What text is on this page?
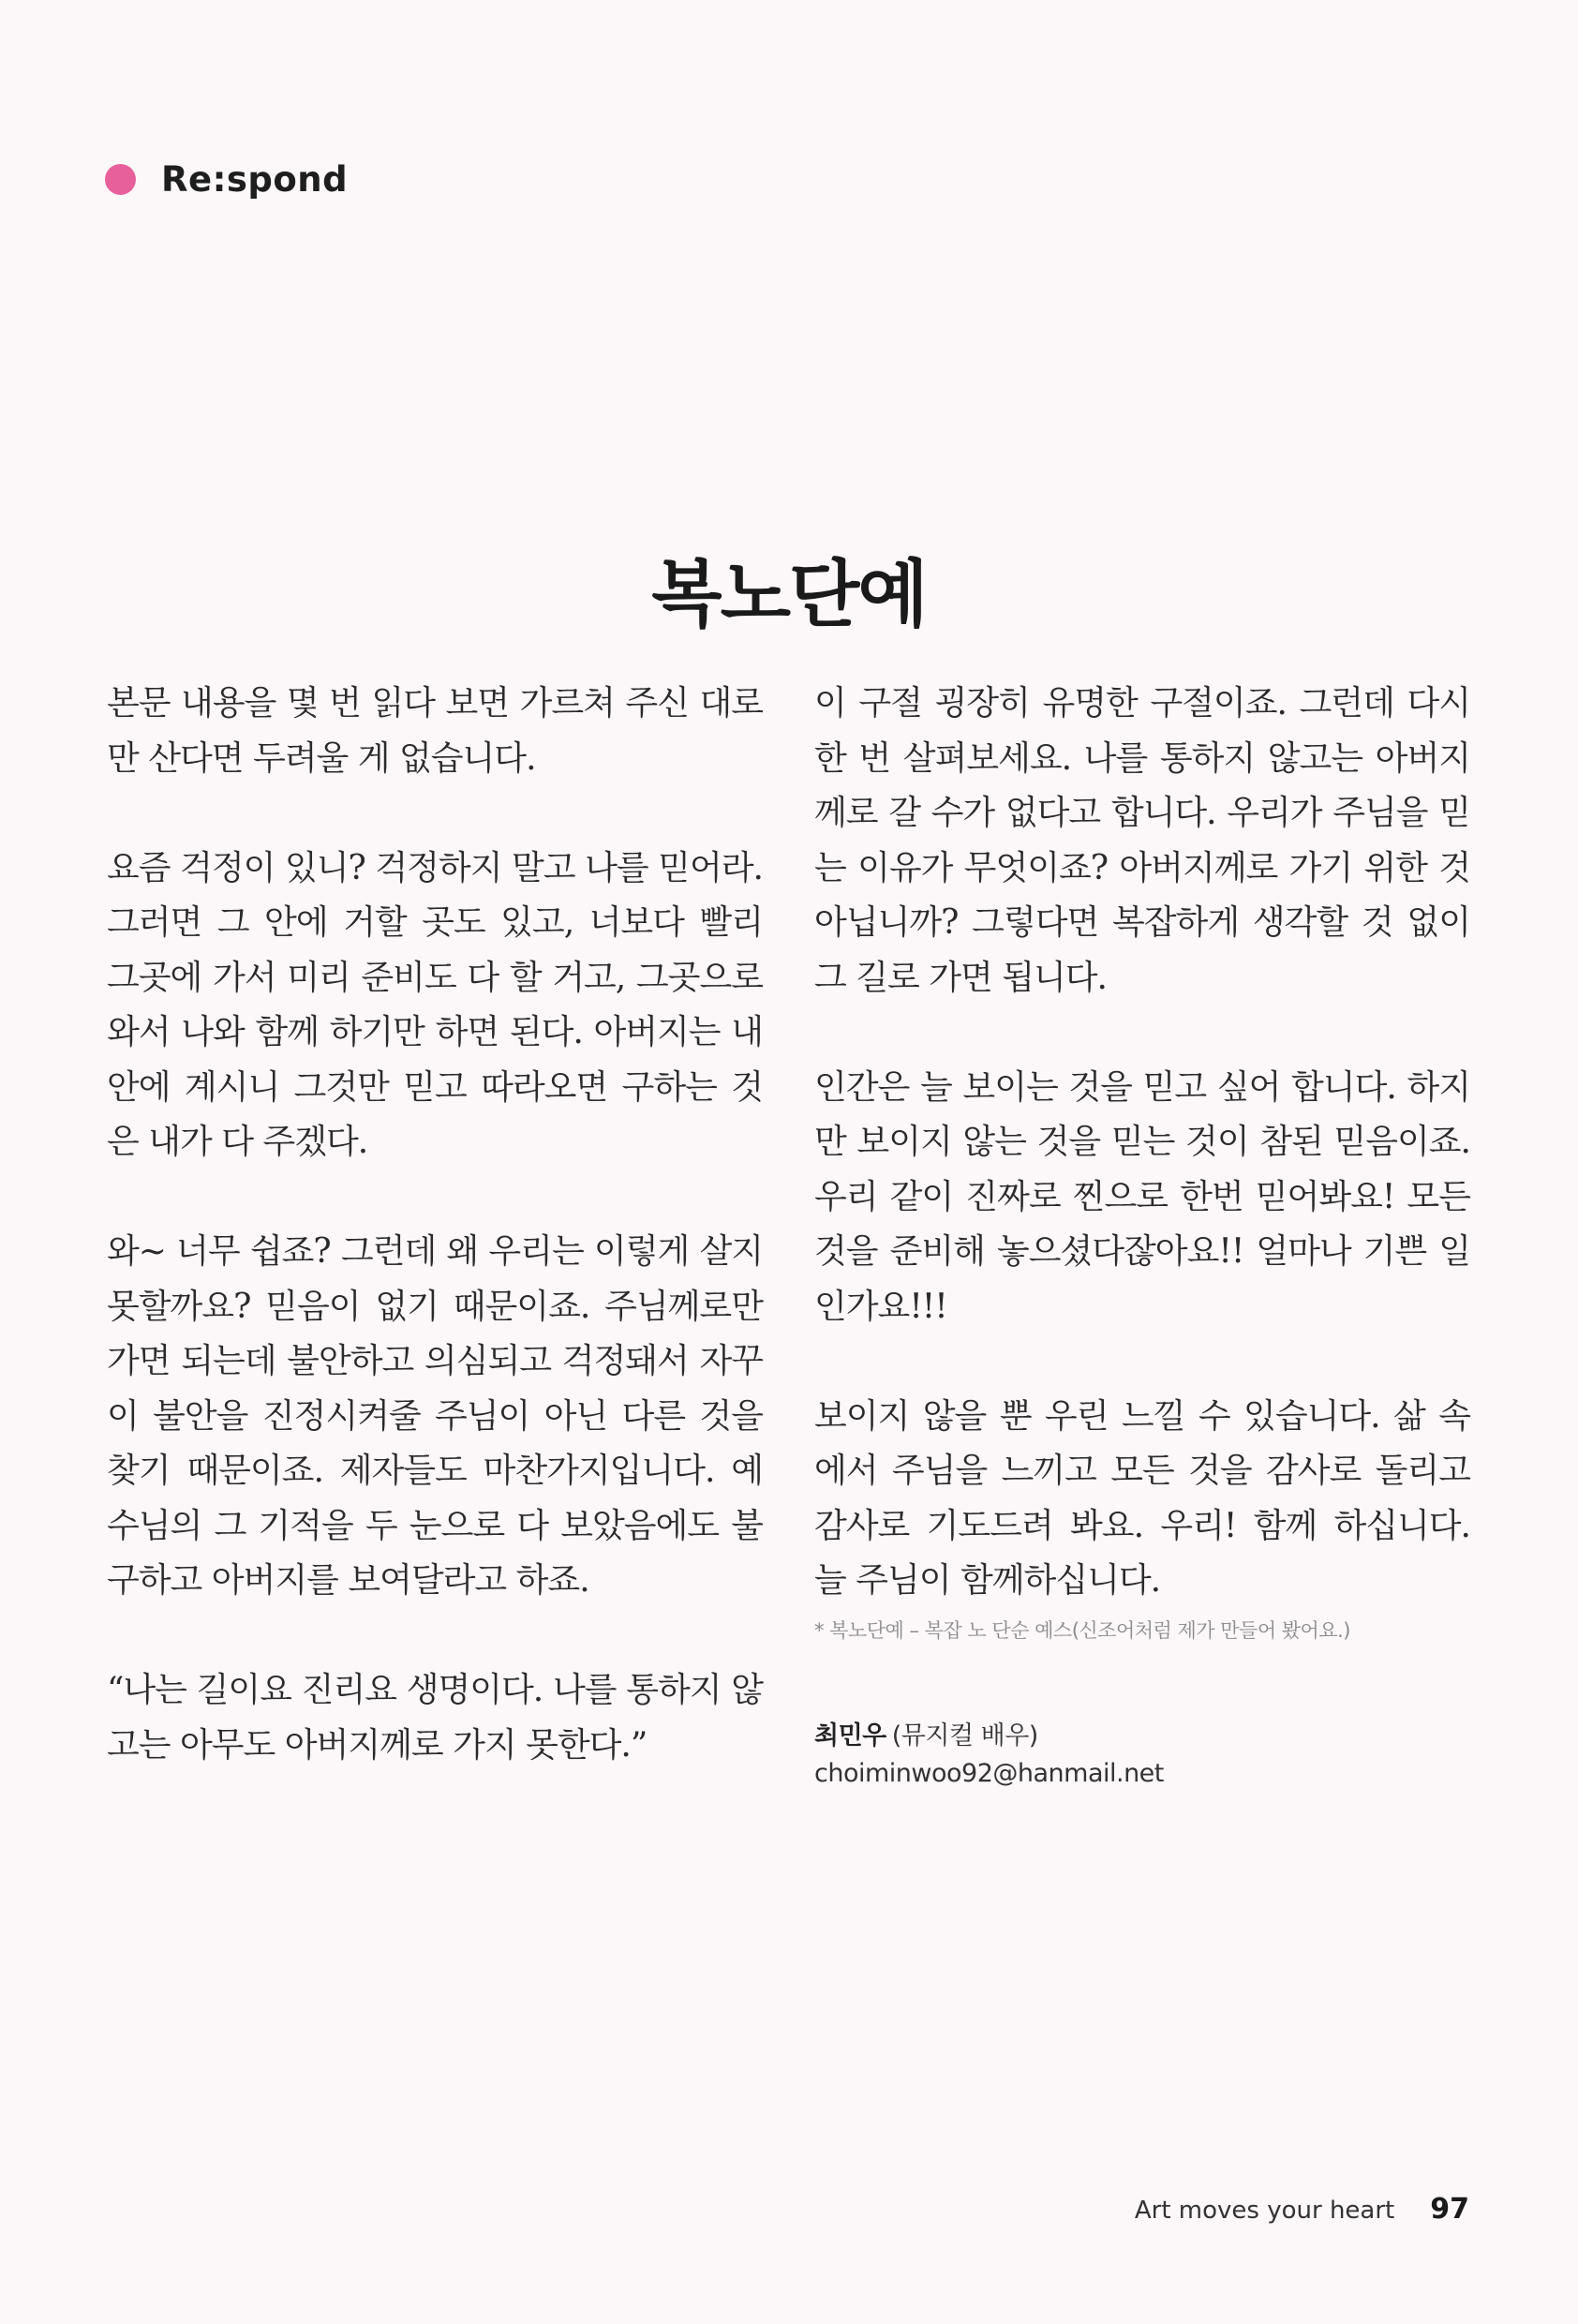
Re:spond
복노단예

본문 내용을 몇 번 읽다 보면 가르쳐 주신 대로만 산다면 두려울 게 없습니다.

요즘 걱정이 있니? 걱정하지 말고 나를 믿어라. 그러면 그 안에 거할 곳도 있고, 너보다 빨리 그곳에 가서 미리 준비도 다 할 거고, 그곳으로 와서 나와 함께 하기만 하면 된다. 아버지는 내 안에 계시니 그것만 믿고 따라오면 구하는 것은 내가 다 주겠다.

와~ 너무 쉽죠? 그런데 왜 우리는 이렇게 살지 못할까요? 믿음이 없기 때문이죠. 주님께로만 가면 되는데 불안하고 의심되고 걱정돼서 자꾸 이 불안을 진정시켜줄 주님이 아닌 다른 것을 찾기 때문이죠. 제자들도 마찬가지입니다. 예수님의 그 기적을 두 눈으로 다 보았음에도 불구하고 아버지를 보여달라고 하죠.

“나는 길이요 진리요 생명이다. 나를 통하지 않고는 아무도 아버지께로 가지 못한다.”

이 구절 굉장히 유명한 구절이죠. 그런데 다시 한 번 살펴보세요. 나를 통하지 않고는 아버지께로 갈 수가 없다고 합니다. 우리가 주님을 믿는 이유가 무엇이죠? 아버지께로 가기 위한 것 아닙니까? 그렇다면 복잡하게 생각할 것 없이 그 길로 가면 됩니다.

인간은 늘 보이는 것을 믿고 싶어 합니다. 하지만 보이지 않는 것을 믿는 것이 참된 믿음이죠. 우리 같이 진짜로 찐으로 한번 믿어봐요! 모든 것을 준비해 놓으셨다잖아요!! 얼마나 기쁜 일인가요!!!

보이지 않을 뿐 우린 느낄 수 있습니다. 삶 속에서 주님을 느끼고 모든 것을 감사로 돌리고 감사로 기도드려 봐요. 우리! 함께 하십니다. 늘 주님이 함께하십니다.

* 복노단예 – 복잡 노 단순 예스(신조어처럼 제가 만들어 봤어요.)
최민우 (뮤지컬 배우)
choiminwoo92@hanmail.net
Art moves your heart 97
